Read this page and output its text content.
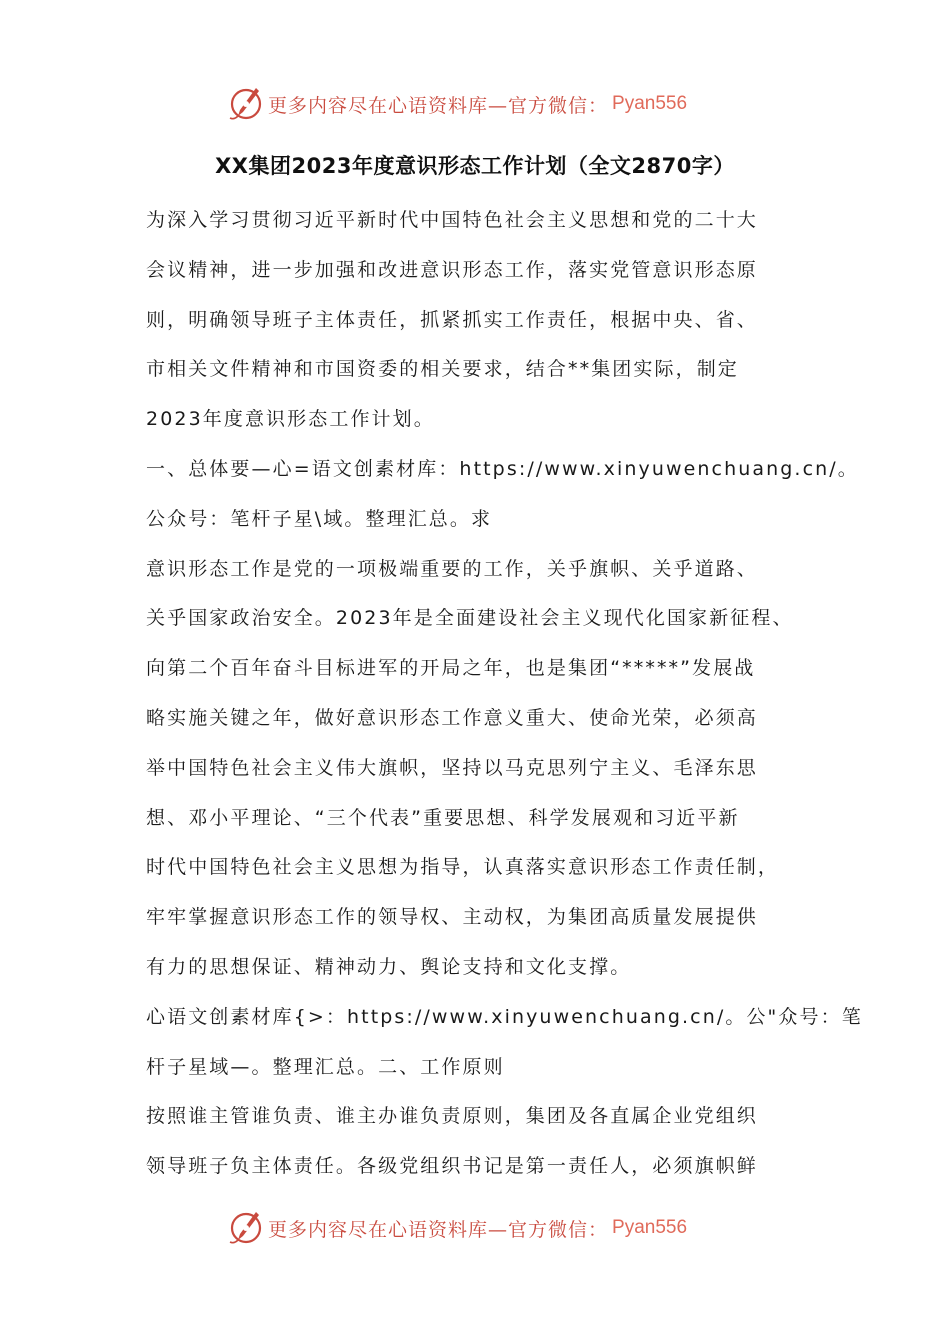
更多内容尽在心语资料库—官方微信： Pyan556
XX集团2023年度意识形态工作计划（全文2870字）
为深入学习贯彻习近平新时代中国特色社会主义思想和党的二十大
会议精神，进一步加强和改进意识形态工作，落实党管意识形态原
则，明确领导班子主体责任，抓紧抓实工作责任，根据中央、省、
市相关文件精神和市国资委的相关要求，结合**集团实际，制定
2023年度意识形态工作计划。
一、总体要—心=语文创素材库：https://www.xinyuwenchuang.cn/。
公众号：笔杆子星\域。整理汇总。求
意识形态工作是党的一项极端重要的工作，关乎旗帜、关乎道路、
关乎国家政治安全。2023年是全面建设社会主义现代化国家新征程、
向第二个百年奋斗目标进军的开局之年，也是集团“*****”发展战
略实施关键之年，做好意识形态工作意义重大、使命光荣，必须高
举中国特色社会主义伟大旗帜，坚持以马克思列宁主义、毛泽东思
想、邓小平理论、“三个代表”重要思想、科学发展观和习近平新
时代中国特色社会主义思想为指导，认真落实意识形态工作责任制，
牢牢掌握意识形态工作的领导权、主动权，为集团高质量发展提供
有力的思想保证、精神动力、舆论支持和文化支撑。
心语文创素材库{>：https://www.xinyuwenchuang.cn/。公"众号：笔
杆子星域—。整理汇总。二、工作原则
按照谁主管谁负责、谁主办谁负责原则，集团及各直属企业党组织
领导班子负主体责任。各级党组织书记是第一责任人，必须旗帜鲜
更多内容尽在心语资料库—官方微信： Pyan556
